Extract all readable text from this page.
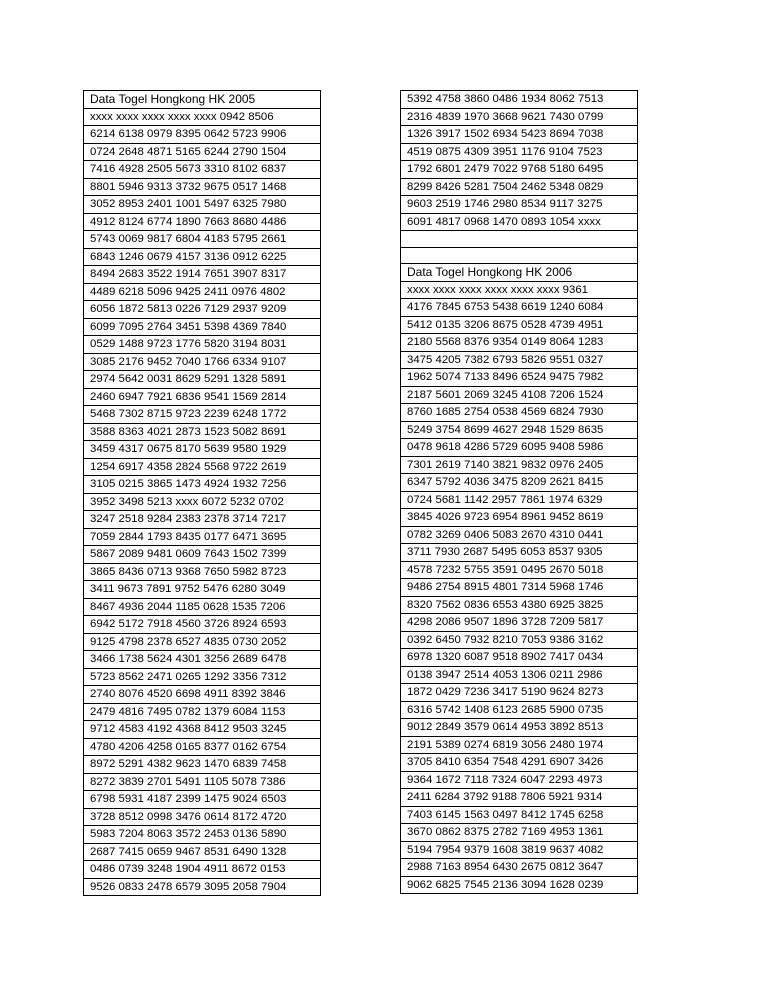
Data Togel Hongkong HK 2005
xxxx xxxx xxxx xxxx xxxx 0942 8506
6214 6138 0979 8395 0642 5723 9906
0724 2648 4871 5165 6244 2790 1504
7416 4928 2505 5673 3310 8102 6837
8801 5946 9313 3732 9675 0517 1468
3052 8953 2401 1001 5497 6325 7980
4912 8124 6774 1890 7663 8680 4486
5743 0069 9817 6804 4183 5795 2661
6843 1246 0679 4157 3136 0912 6225
8494 2683 3522 1914 7651 3907 8317
4489 6218 5096 9425 2411 0976 4802
6056 1872 5813 0226 7129 2937 9209
6099 7095 2764 3451 5398 4369 7840
0529 1488 9723 1776 5820 3194 8031
3085 2176 9452 7040 1766 6334 9107
2974 5642 0031 8629 5291 1328 5891
2460 6947 7921 6836 9541 1569 2814
5468 7302 8715 9723 2239 6248 1772
3588 8363 4021 2873 1523 5082 8691
3459 4317 0675 8170 5639 9580 1929
1254 6917 4358 2824 5568 9722 2619
3105 0215 3865 1473 4924 1932 7256
3952 3498 5213 xxxx 6072 5232 0702
3247 2518 9284 2383 2378 3714 7217
7059 2844 1793 8435 0177 6471 3695
5867 2089 9481 0609 7643 1502 7399
3865 8436 0713 9368 7650 5982 8723
3411 9673 7891 9752 5476 6280 3049
8467 4936 2044 1185 0628 1535 7206
6942 5172 7918 4560 3726 8924 6593
9125 4798 2378 6527 4835 0730 2052
3466 1738 5624 4301 3256 2689 6478
5723 8562 2471 0265 1292 3356 7312
2740 8076 4520 6698 4911 8392 3846
2479 4816 7495 0782 1379 6084 1153
9712 4583 4192 4368 8412 9503 3245
4780 4206 4258 0165 8377 0162 6754
8972 5291 4382 9623 1470 6839 7458
8272 3839 2701 5491 1105 5078 7386
6798 5931 4187 2399 1475 9024 6503
3728 8512 0998 3476 0614 8172 4720
5983 7204 8063 3572 2453 0136 5890
2687 7415 0659 9467 8531 6490 1328
0486 0739 3248 1904 4911 8672 0153
9526 0833 2478 6579 3095 2058 7904
5392 4758 3860 0486 1934 8062 7513
2316 4839 1970 3668 9621 7430 0799
1326 3917 1502 6934 5423 8694 7038
4519 0875 4309 3951 1176 9104 7523
1792 6801 2479 7022 9768 5180 6495
8299 8426 5281 7504 2462 5348 0829
9603 2519 1746 2980 8534 9117 3275
6091 4817 0968 1470 0893 1054 xxxx

Data Togel Hongkong HK 2006
xxxx xxxx xxxx xxxx xxxx xxxx 9361
4176 7845 6753 5438 6619 1240 6084
5412 0135 3206 8675 0528 4739 4951
2180 5568 8376 9354 0149 8064 1283
3475 4205 7382 6793 5826 9551 0327
1962 5074 7133 8496 6524 9475 7982
2187 5601 2069 3245 4108 7206 1524
8760 1685 2754 0538 4569 6824 7930
5249 3754 8699 4627 2948 1529 8635
0478 9618 4286 5729 6095 9408 5986
7301 2619 7140 3821 9832 0976 2405
6347 5792 4036 3475 8209 2621 8415
0724 5681 1142 2957 7861 1974 6329
3845 4026 9723 6954 8961 9452 8619
0782 3269 0406 5083 2670 4310 0441
3711 7930 2687 5495 6053 8537 9305
4578 7232 5755 3591 0495 2670 5018
9486 2754 8915 4801 7314 5968 1746
8320 7562 0836 6553 4380 6925 3825
4298 2086 9507 1896 3728 7209 5817
0392 6450 7932 8210 7053 9386 3162
6978 1320 6087 9518 8902 7417 0434
0138 3947 2514 4053 1306 0211 2986
1872 0429 7236 3417 5190 9624 8273
6316 5742 1408 6123 2685 5900 0735
9012 2849 3579 0614 4953 3892 8513
2191 5389 0274 6819 3056 2480 1974
3705 8410 6354 7548 4291 6907 3426
9364 1672 7118 7324 6047 2293 4973
2411 6284 3792 9188 7806 5921 9314
7403 6145 1563 0497 8412 1745 6258
3670 0862 8375 2782 7169 4953 1361
5194 7954 9379 1608 3819 9637 4082
2988 7163 8954 6430 2675 0812 3647
9062 6825 7545 2136 3094 1628 0239
